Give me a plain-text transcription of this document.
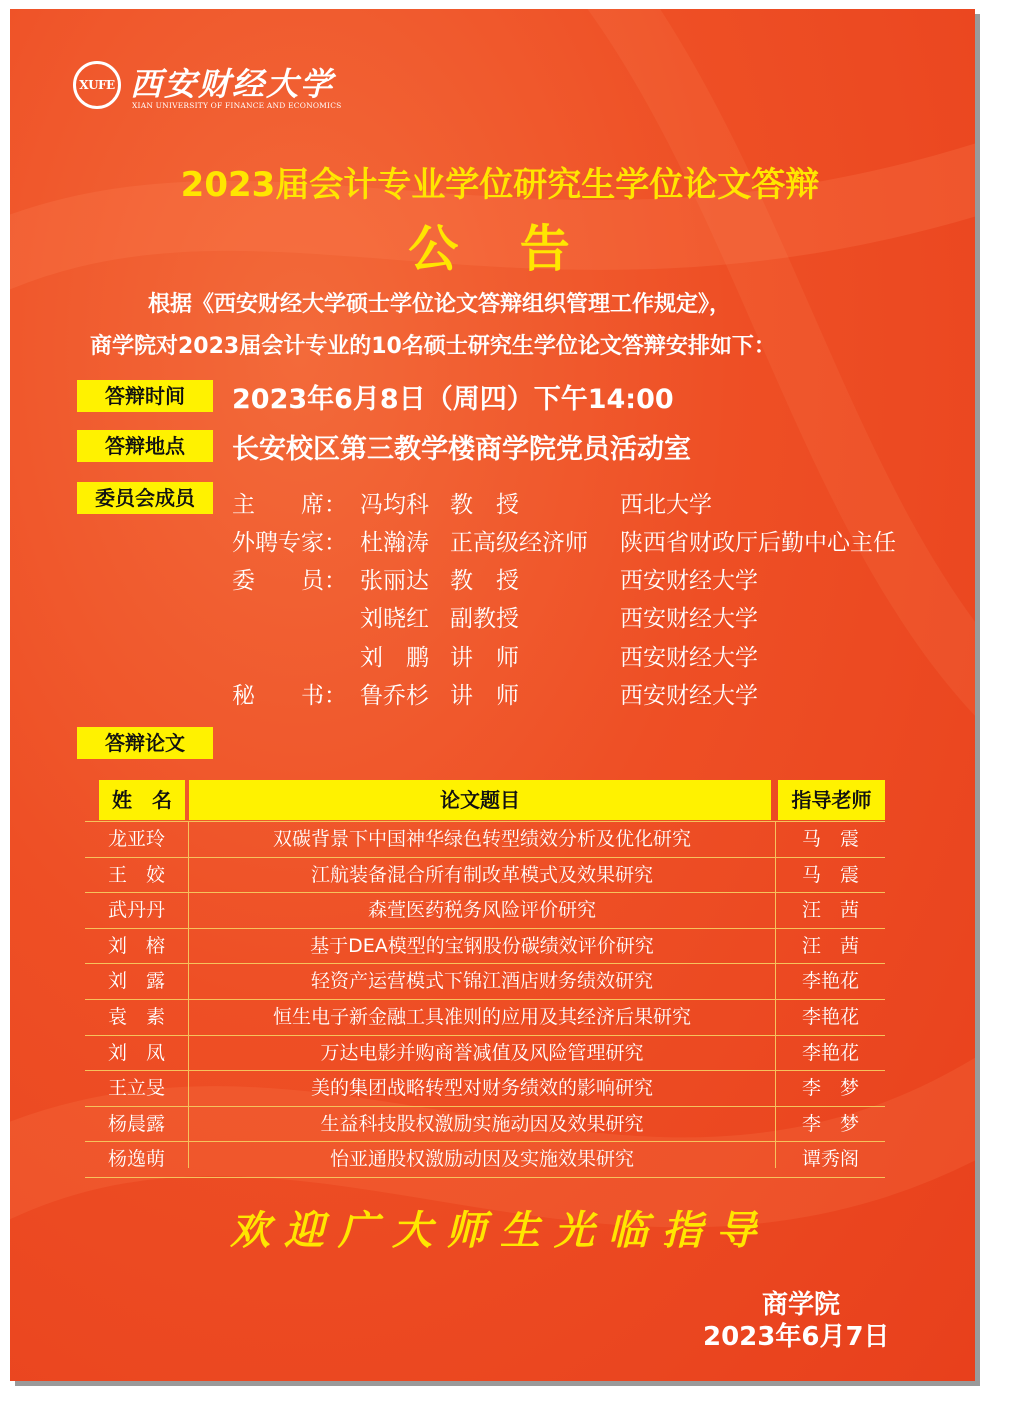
XUFE 西安财经大学
XIAN UNIVERSITY OF FINANCE AND ECONOMICS
2023届会计专业学位研究生学位论文答辩
公 告
根据《西安财经大学硕士学位论文答辩组织管理工作规定》，
商学院对2023届会计专业的10名硕士研究生学位论文答辩安排如下：
答辩时间	2023年6月8日（周四）下午14:00
答辩地点	长安校区第三教学楼商学院党员活动室
委员会成员	主　　席： 冯均科 教　授	西北大学
外聘专家： 杜瀚涛 正高级经济师 陕西省财政厅后勤中心主任
委　　员： 张丽达 教　授	西安财经大学
刘晓红 副教授	西安财经大学
刘　鹏 讲　师	西安财经大学
秘　　书： 鲁乔杉 讲　师	西安财经大学
答辩论文
姓　名	论文题目	指导老师
龙亚玲	双碳背景下中国神华绿色转型绩效分析及优化研究	马　震
王　姣	江航装备混合所有制改革模式及效果研究	马　震
武丹丹	森萱医药税务风险评价研究	汪　茜
刘　榕	基于DEA模型的宝钢股份碳绩效评价研究	汪　茜
刘　露	轻资产运营模式下锦江酒店财务绩效研究	李艳花
袁　素	恒生电子新金融工具准则的应用及其经济后果研究	李艳花
刘　凤	万达电影并购商誉减值及风险管理研究	李艳花
王立旻	美的集团战略转型对财务绩效的影响研究	李　梦
杨晨露	生益科技股权激励实施动因及效果研究	李　梦
杨逸萌	怡亚通股权激励动因及实施效果研究	谭秀阁
欢迎广大师生光临指导
商学院
2023年6月7日
